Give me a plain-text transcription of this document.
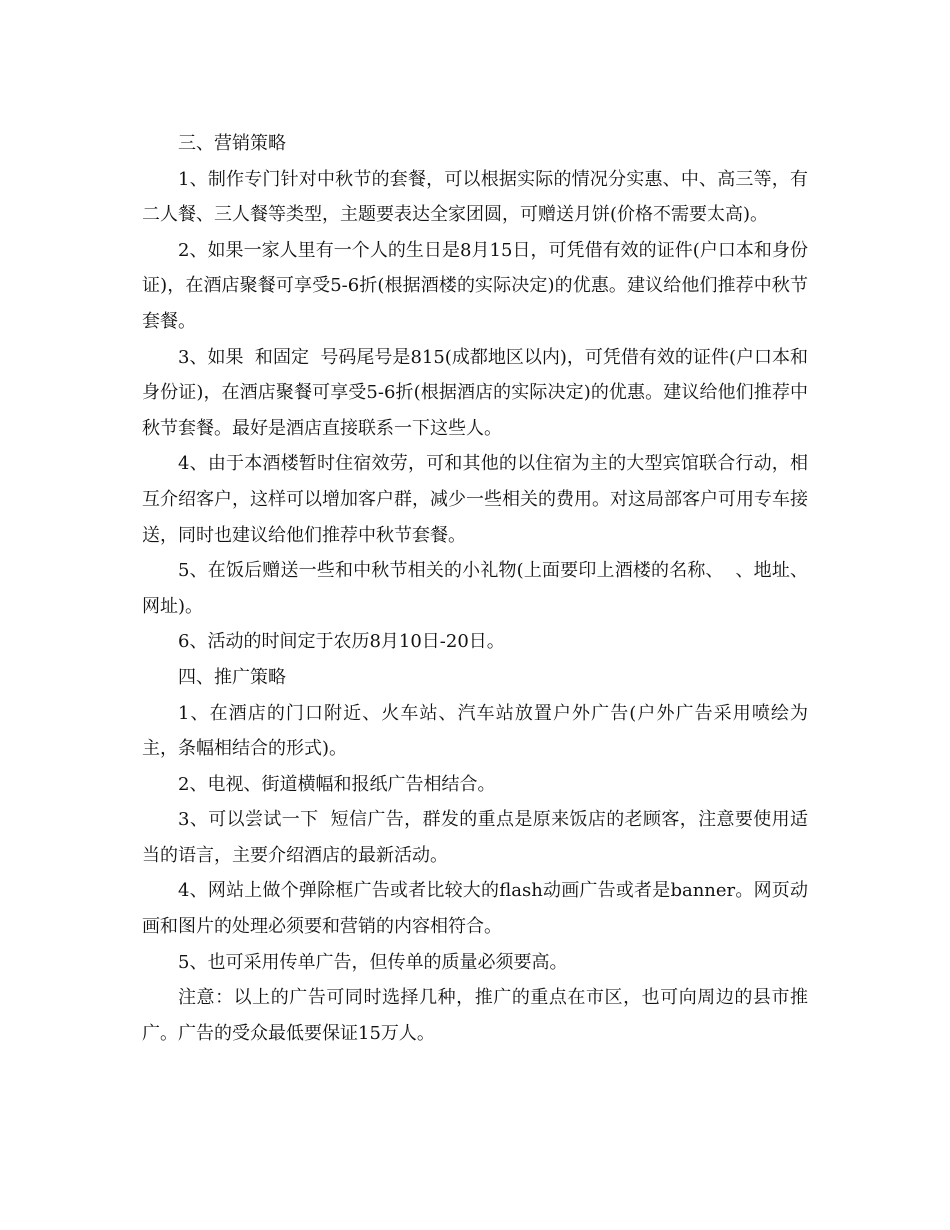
三、营销策略

1、制作专门针对中秋节的套餐，可以根据实际的情况分实惠、中、高三等，有二人餐、三人餐等类型，主题要表达全家团圆，可赠送月饼(价格不需要太高)。

2、如果一家人里有一个人的生日是8月15日，可凭借有效的证件(户口本和身份证)，在酒店聚餐可享受5-6折(根据酒楼的实际决定)的优惠。建议给他们推荐中秋节套餐。

3、如果  和固定  号码尾号是815(成都地区以内)，可凭借有效的证件(户口本和身份证)，在酒店聚餐可享受5-6折(根据酒店的实际决定)的优惠。建议给他们推荐中秋节套餐。最好是酒店直接联系一下这些人。

4、由于本酒楼暂时住宿效劳，可和其他的以住宿为主的大型宾馆联合行动，相互介绍客户，这样可以增加客户群，减少一些相关的费用。对这局部客户可用专车接送，同时也建议给他们推荐中秋节套餐。

5、在饭后赠送一些和中秋节相关的小礼物(上面要印上酒楼的名称、  、地址、网址)。

6、活动的时间定于农历8月10日-20日。

四、推广策略

1、在酒店的门口附近、火车站、汽车站放置户外广告(户外广告采用喷绘为主，条幅相结合的形式)。

2、电视、街道横幅和报纸广告相结合。

3、可以尝试一下  短信广告，群发的重点是原来饭店的老顾客，注意要使用适当的语言，主要介绍酒店的最新活动。

4、网站上做个弹除框广告或者比较大的flash动画广告或者是banner。网页动画和图片的处理必须要和营销的内容相符合。

5、也可采用传单广告，但传单的质量必须要高。

注意：以上的广告可同时选择几种，推广的重点在市区，也可向周边的县市推广。广告的受众最低要保证15万人。
